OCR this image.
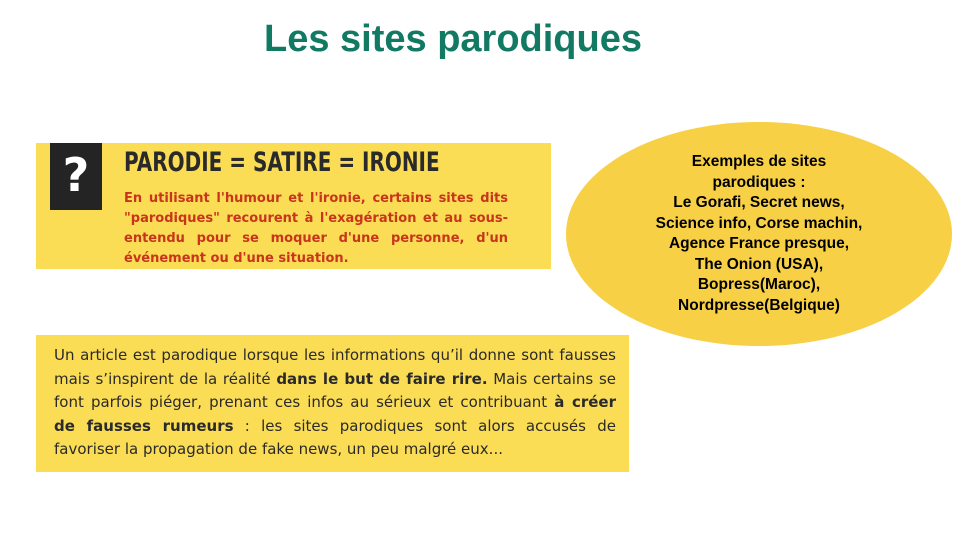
Les sites parodiques
?	PARODIE = SATIRE = IRONIE
En utilisant l'humour et l'ironie, certains sites dits "parodiques" recourent à l'exagération et au sous-entendu pour se moquer d'une personne, d'un événement ou d'une situation.
Un article est parodique lorsque les informations qu’il donne sont fausses mais s’inspirent de la réalité dans le but de faire rire. Mais certains se font parfois piéger, prenant ces infos au sérieux et contribuant à créer de fausses rumeurs : les sites parodiques sont alors accusés de favoriser la propagation de fake news, un peu malgré eux...
Exemples de sites
parodiques :
Le Gorafi, Secret news,
Science info, Corse machin,
Agence France presque,
The Onion (USA),
Bopress(Maroc),
Nordpresse(Belgique)
